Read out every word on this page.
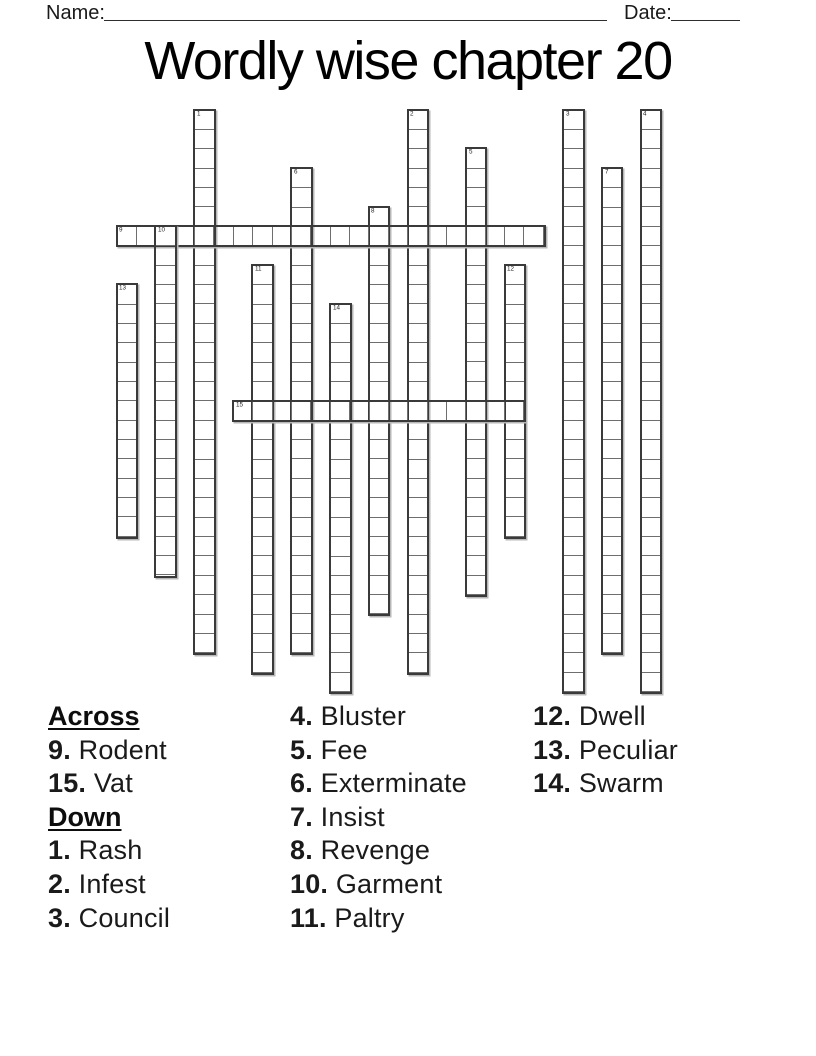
Name:	Date:
Wordly wise chapter 20
1	2	3	4
5
6	7
8
9	10
11	12
13
14
15
Across
9. Rodent
15. Vat
Down
1. Rash
2. Infest
3. Council
4. Bluster
5. Fee
6. Exterminate
7. Insist
8. Revenge
10. Garment
11. Paltry
12. Dwell
13. Peculiar
14. Swarm
